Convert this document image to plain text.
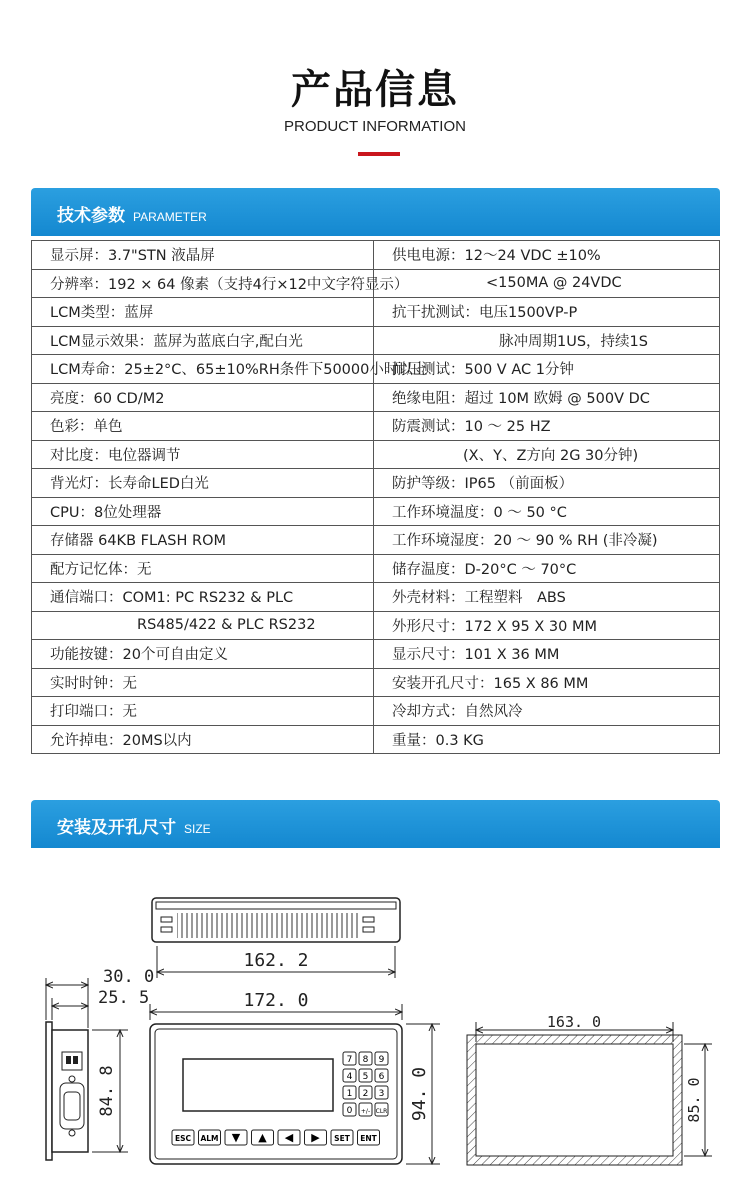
产品信息
PRODUCT INFORMATION
技术参数 PARAMETER
显示屏：3.7"STN 液晶屏	供电电源：12～24 VDC ±10%
分辨率：192 × 64 像素（支持4行×12中文字符显示）	<150MA @ 24VDC
LCM类型：蓝屏	抗干扰测试：电压1500VP-P
LCM显示效果：蓝屏为蓝底白字,配白光	脉冲周期1US，持续1S
LCM寿命：25±2°C、65±10%RH条件下50000小时以上	耐压测试：500 V AC 1分钟
亮度：60 CD/M2	绝缘电阻：超过 10M 欧姆 @ 500V DC
色彩：单色	防震测试：10 ～ 25 HZ
对比度：电位器调节	(X、Y、Z方向 2G 30分钟)
背光灯：长寿命LED白光	防护等级：IP65 （前面板）
CPU：8位处理器	工作环境温度：0 ～ 50 °C
存储器 64KB FLASH ROM	工作环境湿度：20 ～ 90 % RH (非冷凝)
配方记忆体：无	储存温度：D-20°C ～ 70°C
通信端口：COM1: PC RS232 & PLC	外壳材料：工程塑料　ABS
RS485/422 & PLC RS232	外形尺寸：172 X 95 X 30 MM
功能按键：20个可自由定义	显示尺寸：101 X 36 MM
实时时钟：无	安装开孔尺寸：165 X 86 MM
打印端口：无	冷却方式：自然风冷
允许掉电：20MS以内	重量：0.3 KG
安装及开孔尺寸 SIZE
162. 2
30. 0
25. 5
84. 8
172. 0
94. 0
7 8 9
4 5 6
1 2 3
0 +/- CLR
ESC ALM ▼ ▲ ◀ ▶ SET ENT
163. 0
85. 0
